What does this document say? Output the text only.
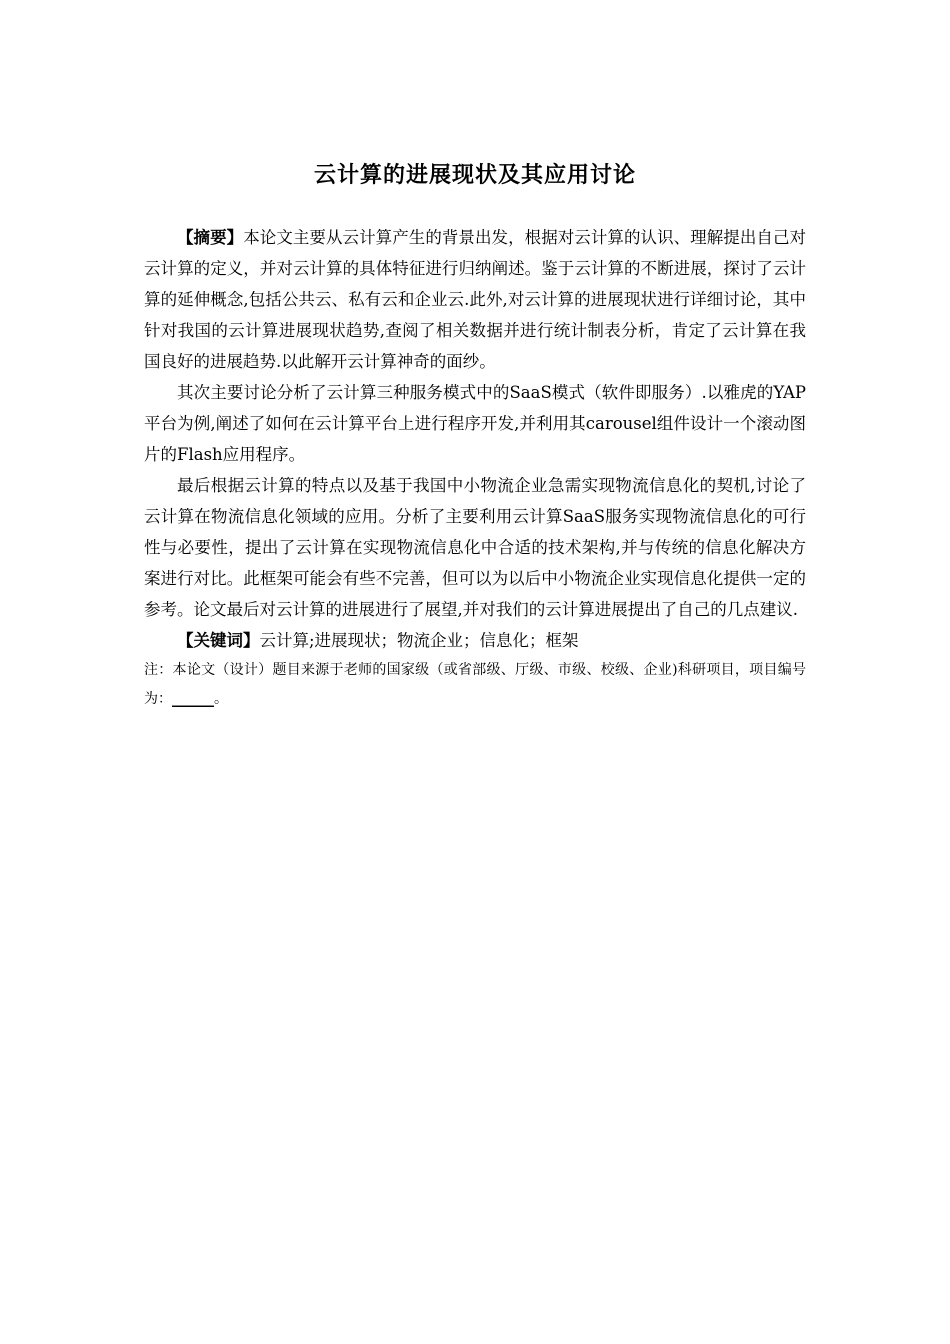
云计算的进展现状及其应用讨论

【摘要】本论文主要从云计算产生的背景出发，根据对云计算的认识、理解提出自己对云计算的定义，并对云计算的具体特征进行归纳阐述。鉴于云计算的不断进展，探讨了云计算的延伸概念,包括公共云、私有云和企业云.此外,对云计算的进展现状进行详细讨论，其中针对我国的云计算进展现状趋势,查阅了相关数据并进行统计制表分析，肯定了云计算在我国良好的进展趋势.以此解开云计算神奇的面纱。

其次主要讨论分析了云计算三种服务模式中的SaaS模式（软件即服务）.以雅虎的YAP平台为例,阐述了如何在云计算平台上进行程序开发,并利用其carousel组件设计一个滚动图片的Flash应用程序。

最后根据云计算的特点以及基于我国中小物流企业急需实现物流信息化的契机,讨论了云计算在物流信息化领域的应用。分析了主要利用云计算SaaS服务实现物流信息化的可行性与必要性，提出了云计算在实现物流信息化中合适的技术架构,并与传统的信息化解决方案进行对比。此框架可能会有些不完善，但可以为以后中小物流企业实现信息化提供一定的参考。论文最后对云计算的进展进行了展望,并对我们的云计算进展提出了自己的几点建议.

【关键词】云计算;进展现状；物流企业；信息化；框架

注：本论文（设计）题目来源于老师的国家级（或省部级、厅级、市级、校级、企业)科研项目，项目编号为：______。
